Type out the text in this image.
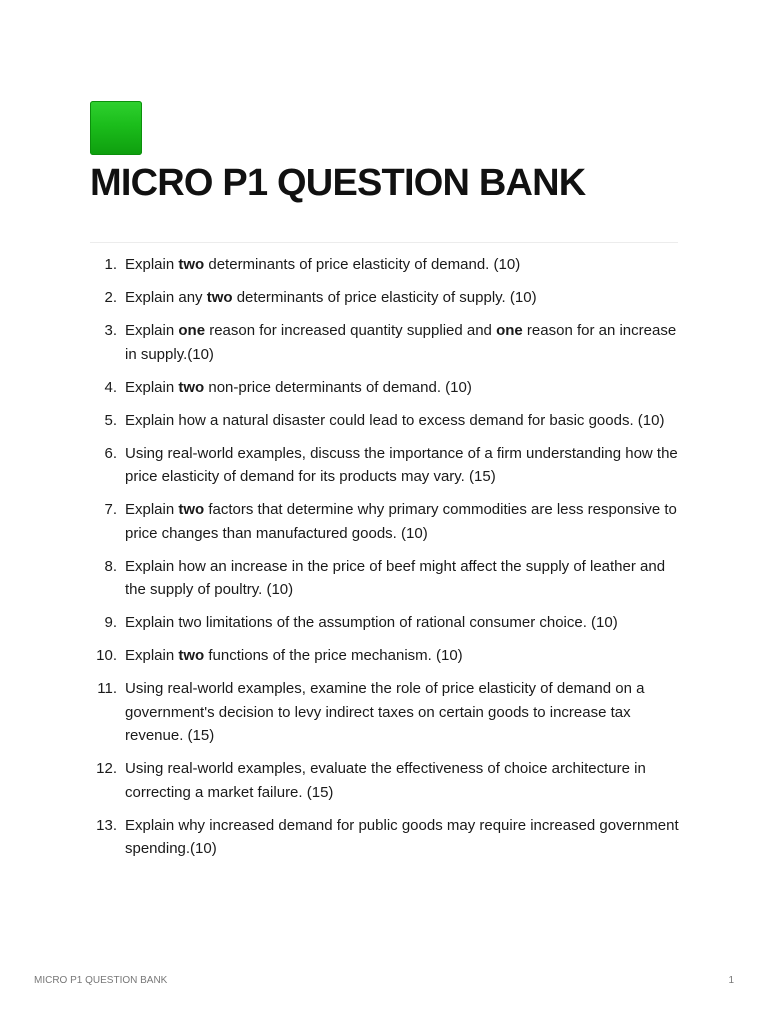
MICRO P1 QUESTION BANK
1. Explain two determinants of price elasticity of demand. (10)
2. Explain any two determinants of price elasticity of supply. (10)
3. Explain one reason for increased quantity supplied and one reason for an increase in supply.(10)
4. Explain two non-price determinants of demand. (10)
5. Explain how a natural disaster could lead to excess demand for basic goods. (10)
6. Using real-world examples, discuss the importance of a firm understanding how the price elasticity of demand for its products may vary. (15)
7. Explain two factors that determine why primary commodities are less responsive to price changes than manufactured goods. (10)
8. Explain how an increase in the price of beef might affect the supply of leather and the supply of poultry. (10)
9. Explain two limitations of the assumption of rational consumer choice. (10)
10. Explain two functions of the price mechanism. (10)
11. Using real-world examples, examine the role of price elasticity of demand on a government's decision to levy indirect taxes on certain goods to increase tax revenue. (15)
12. Using real-world examples, evaluate the effectiveness of choice architecture in correcting a market failure. (15)
13. Explain why increased demand for public goods may require increased government spending.(10)
MICRO P1 QUESTION BANK	1
